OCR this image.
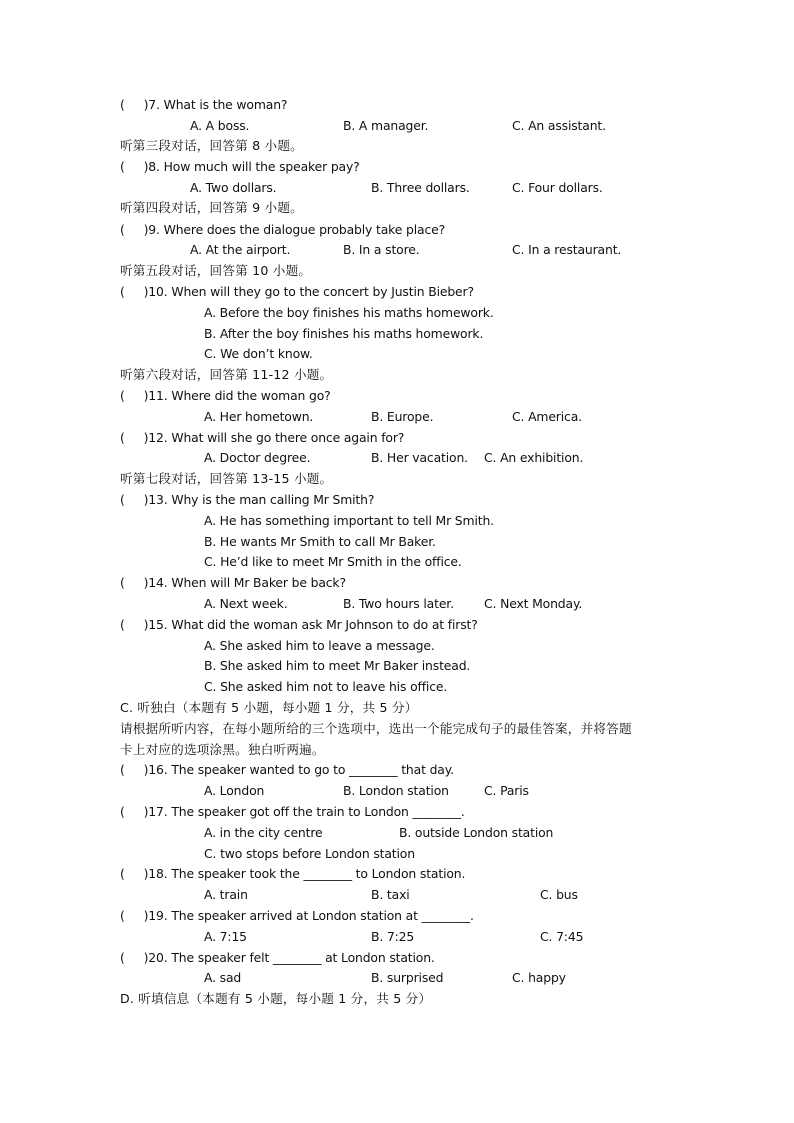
(     )7. What is the woman?
A. A boss.	B. A manager.	C. An assistant.
听第三段对话，回答第 8 小题。
(     )8. How much will the speaker pay?
A. Two dollars.	B. Three dollars.	C. Four dollars.
听第四段对话，回答第 9 小题。
(     )9. Where does the dialogue probably take place?
A. At the airport.	B. In a store.	C. In a restaurant.
听第五段对话，回答第 10 小题。
(     )10. When will they go to the concert by Justin Bieber?
A. Before the boy finishes his maths homework.
B. After the boy finishes his maths homework.
C. We don’t know.
听第六段对话，回答第 11-12 小题。
(     )11. Where did the woman go?
A. Her hometown.	B. Europe.	C. America.
(     )12. What will she go there once again for?
A. Doctor degree.	B. Her vacation. C. An exhibition.
听第七段对话，回答第 13-15 小题。
(     )13. Why is the man calling Mr Smith?
A. He has something important to tell Mr Smith.
B. He wants Mr Smith to call Mr Baker.
C. He’d like to meet Mr Smith in the office.
(     )14. When will Mr Baker be back?
A. Next week.	B. Two hours later. C. Next Monday.
(     )15. What did the woman ask Mr Johnson to do at first?
A. She asked him to leave a message.
B. She asked him to meet Mr Baker instead.
C. She asked him not to leave his office.
C. 听独白（本题有 5 小题，每小题 1 分，共 5 分）
请根据所听内容，在每小题所给的三个选项中，选出一个能完成句子的最佳答案，并将答题
卡上对应的选项涂黑。独白听两遍。
(     )16. The speaker wanted to go to ________ that day.
A. London	B. London station	C. Paris
(     )17. The speaker got off the train to London ________.
A. in the city centre	B. outside London station
C. two stops before London station
(     )18. The speaker took the ________ to London station.
A. train	B. taxi	C. bus
(     )19. The speaker arrived at London station at ________.
A. 7:15	B. 7:25	C. 7:45
(     )20. The speaker felt ________ at London station.
A. sad	B. surprised	C. happy
D. 听填信息（本题有 5 小题，每小题 1 分，共 5 分）
